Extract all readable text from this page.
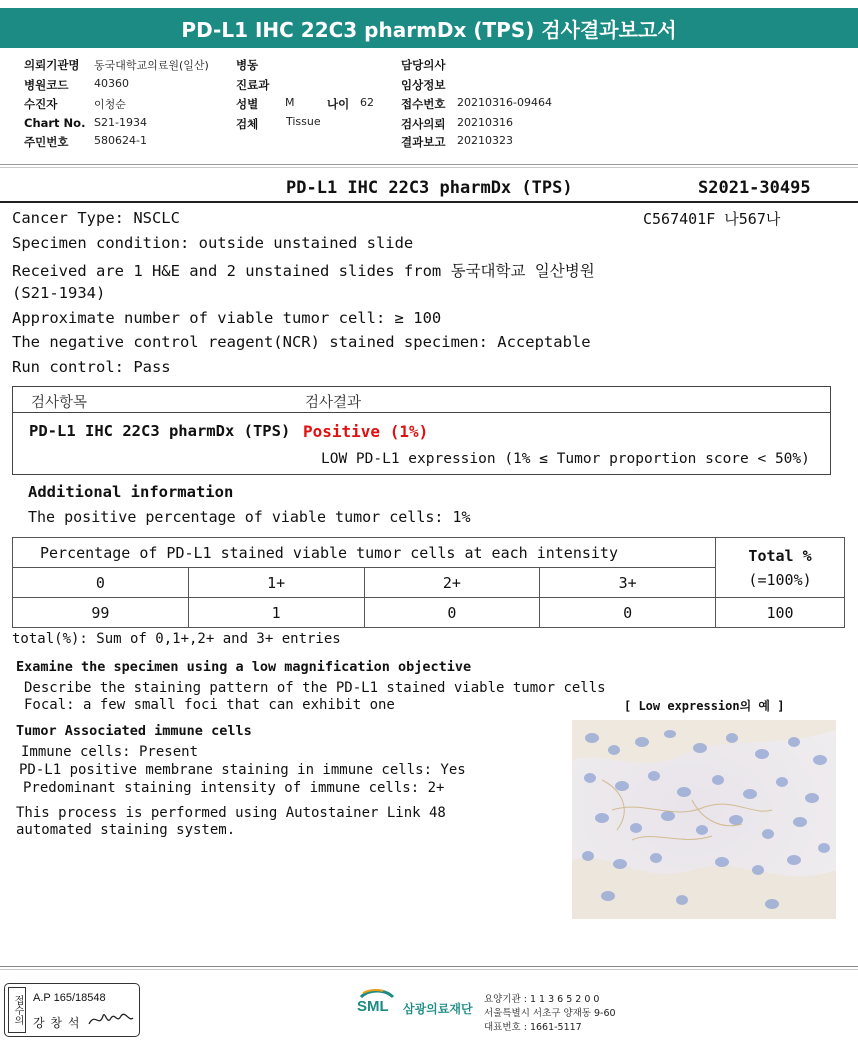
PD-L1 IHC 22C3 pharmDx (TPS) 검사결과보고서
의뢰기관명 동국대학교의료원(일산)
병원코드 40360
수진자	이청순
Chart No. S21-1934
주민번호 580624-1
병동
진료과
성별 M	나이 62
검체	Tissue
담당의사
임상정보
접수번호 20210316-09464
검사의뢰 20210316
결과보고 20210323
PD-L1 IHC 22C3 pharmDx (TPS)	S2021-30495
C567401F 나567나
Cancer Type: NSCLC
Specimen condition: outside unstained slide
Received are 1 H&E and 2 unstained slides from 동국대학교 일산병원
(S21-1934)
Approximate number of viable tumor cell: ≥ 100
The negative control reagent(NCR) stained specimen: Acceptable
Run control: Pass
검사항목	검사결과
PD-L1 IHC 22C3 pharmDx (TPS) Positive (1%)
LOW PD-L1 expression (1% ≤ Tumor proportion score < 50%)
Additional information
The positive percentage of viable tumor cells: 1%
Percentage of PD-L1 stained viable tumor cells at each intensity				Total %
(=100%)

0	1+	2+	3+	
99	1	0	0	100
total(%): Sum of 0,1+,2+ and 3+ entries
Examine the specimen using a low magnification objective
Describe the staining pattern of the PD-L1 stained viable tumor cells
Focal: a few small foci that can exhibit one	[ Low expression의 예 ]
Tumor Associated immune cells
Immune cells: Present
PD-L1 positive membrane staining in immune cells: Yes
Predominant staining intensity of immune cells: 2+
This process is performed using Autostainer Link 48
automated staining system.
접수의 A.P 165/18548
강 창 석
SML 삼광의료재단
요양기관 : 1 1 3 6 5 2 0 0
서울특별시 서초구 양재동 9-60
대표번호 : 1661-5117
